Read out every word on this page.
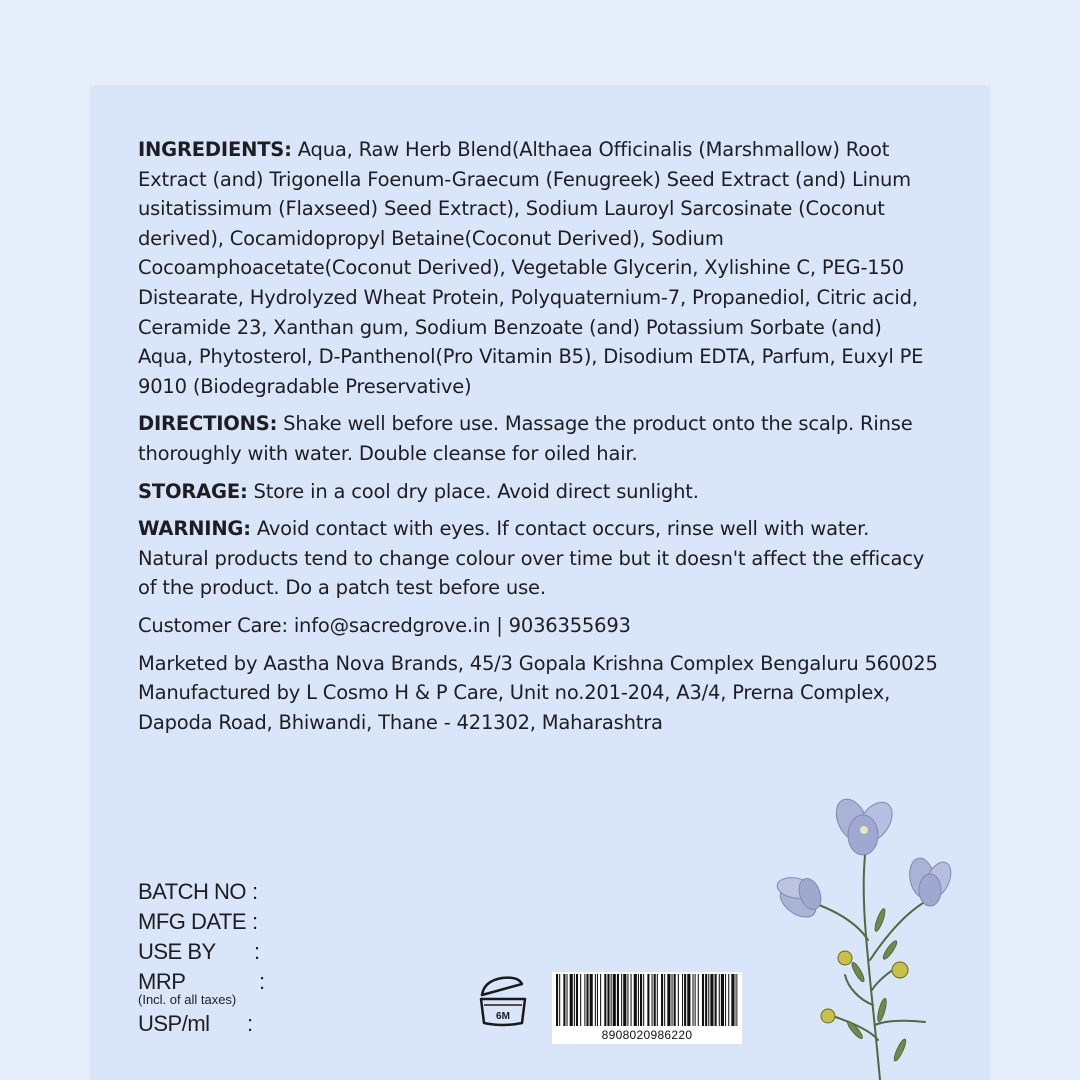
INGREDIENTS: Aqua, Raw Herb Blend(Althaea Officinalis (Marshmallow) Root Extract (and) Trigonella Foenum-Graecum (Fenugreek) Seed Extract (and) Linum usitatissimum (Flaxseed) Seed Extract), Sodium Lauroyl Sarcosinate (Coconut derived), Cocamidopropyl Betaine(Coconut Derived), Sodium Cocoamphoacetate(Coconut Derived), Vegetable Glycerin, Xylishine C, PEG-150 Distearate, Hydrolyzed Wheat Protein, Polyquaternium-7, Propanediol, Citric acid, Ceramide 23, Xanthan gum, Sodium Benzoate (and) Potassium Sorbate (and) Aqua, Phytosterol, D-Panthenol(Pro Vitamin B5), Disodium EDTA, Parfum, Euxyl PE 9010 (Biodegradable Preservative)

DIRECTIONS: Shake well before use. Massage the product onto the scalp. Rinse thoroughly with water. Double cleanse for oiled hair.

STORAGE: Store in a cool dry place. Avoid direct sunlight.

WARNING: Avoid contact with eyes. If contact occurs, rinse well with water. Natural products tend to change colour over time but it doesn't affect the efficacy of the product. Do a patch test before use.

Customer Care: info@sacredgrove.in | 9036355693

Marketed by Aastha Nova Brands, 45/3 Gopala Krishna Complex Bengaluru 560025

Manufactured by L Cosmo H & P Care, Unit no.201-204, A3/4, Prerna Complex, Dapoda Road, Bhiwandi, Thane - 421302, Maharashtra

BATCH NO :
MFG DATE :
USE BY :
MRP	:
(Incl. of all taxes)
USP/ml :	6M
8908020986220
